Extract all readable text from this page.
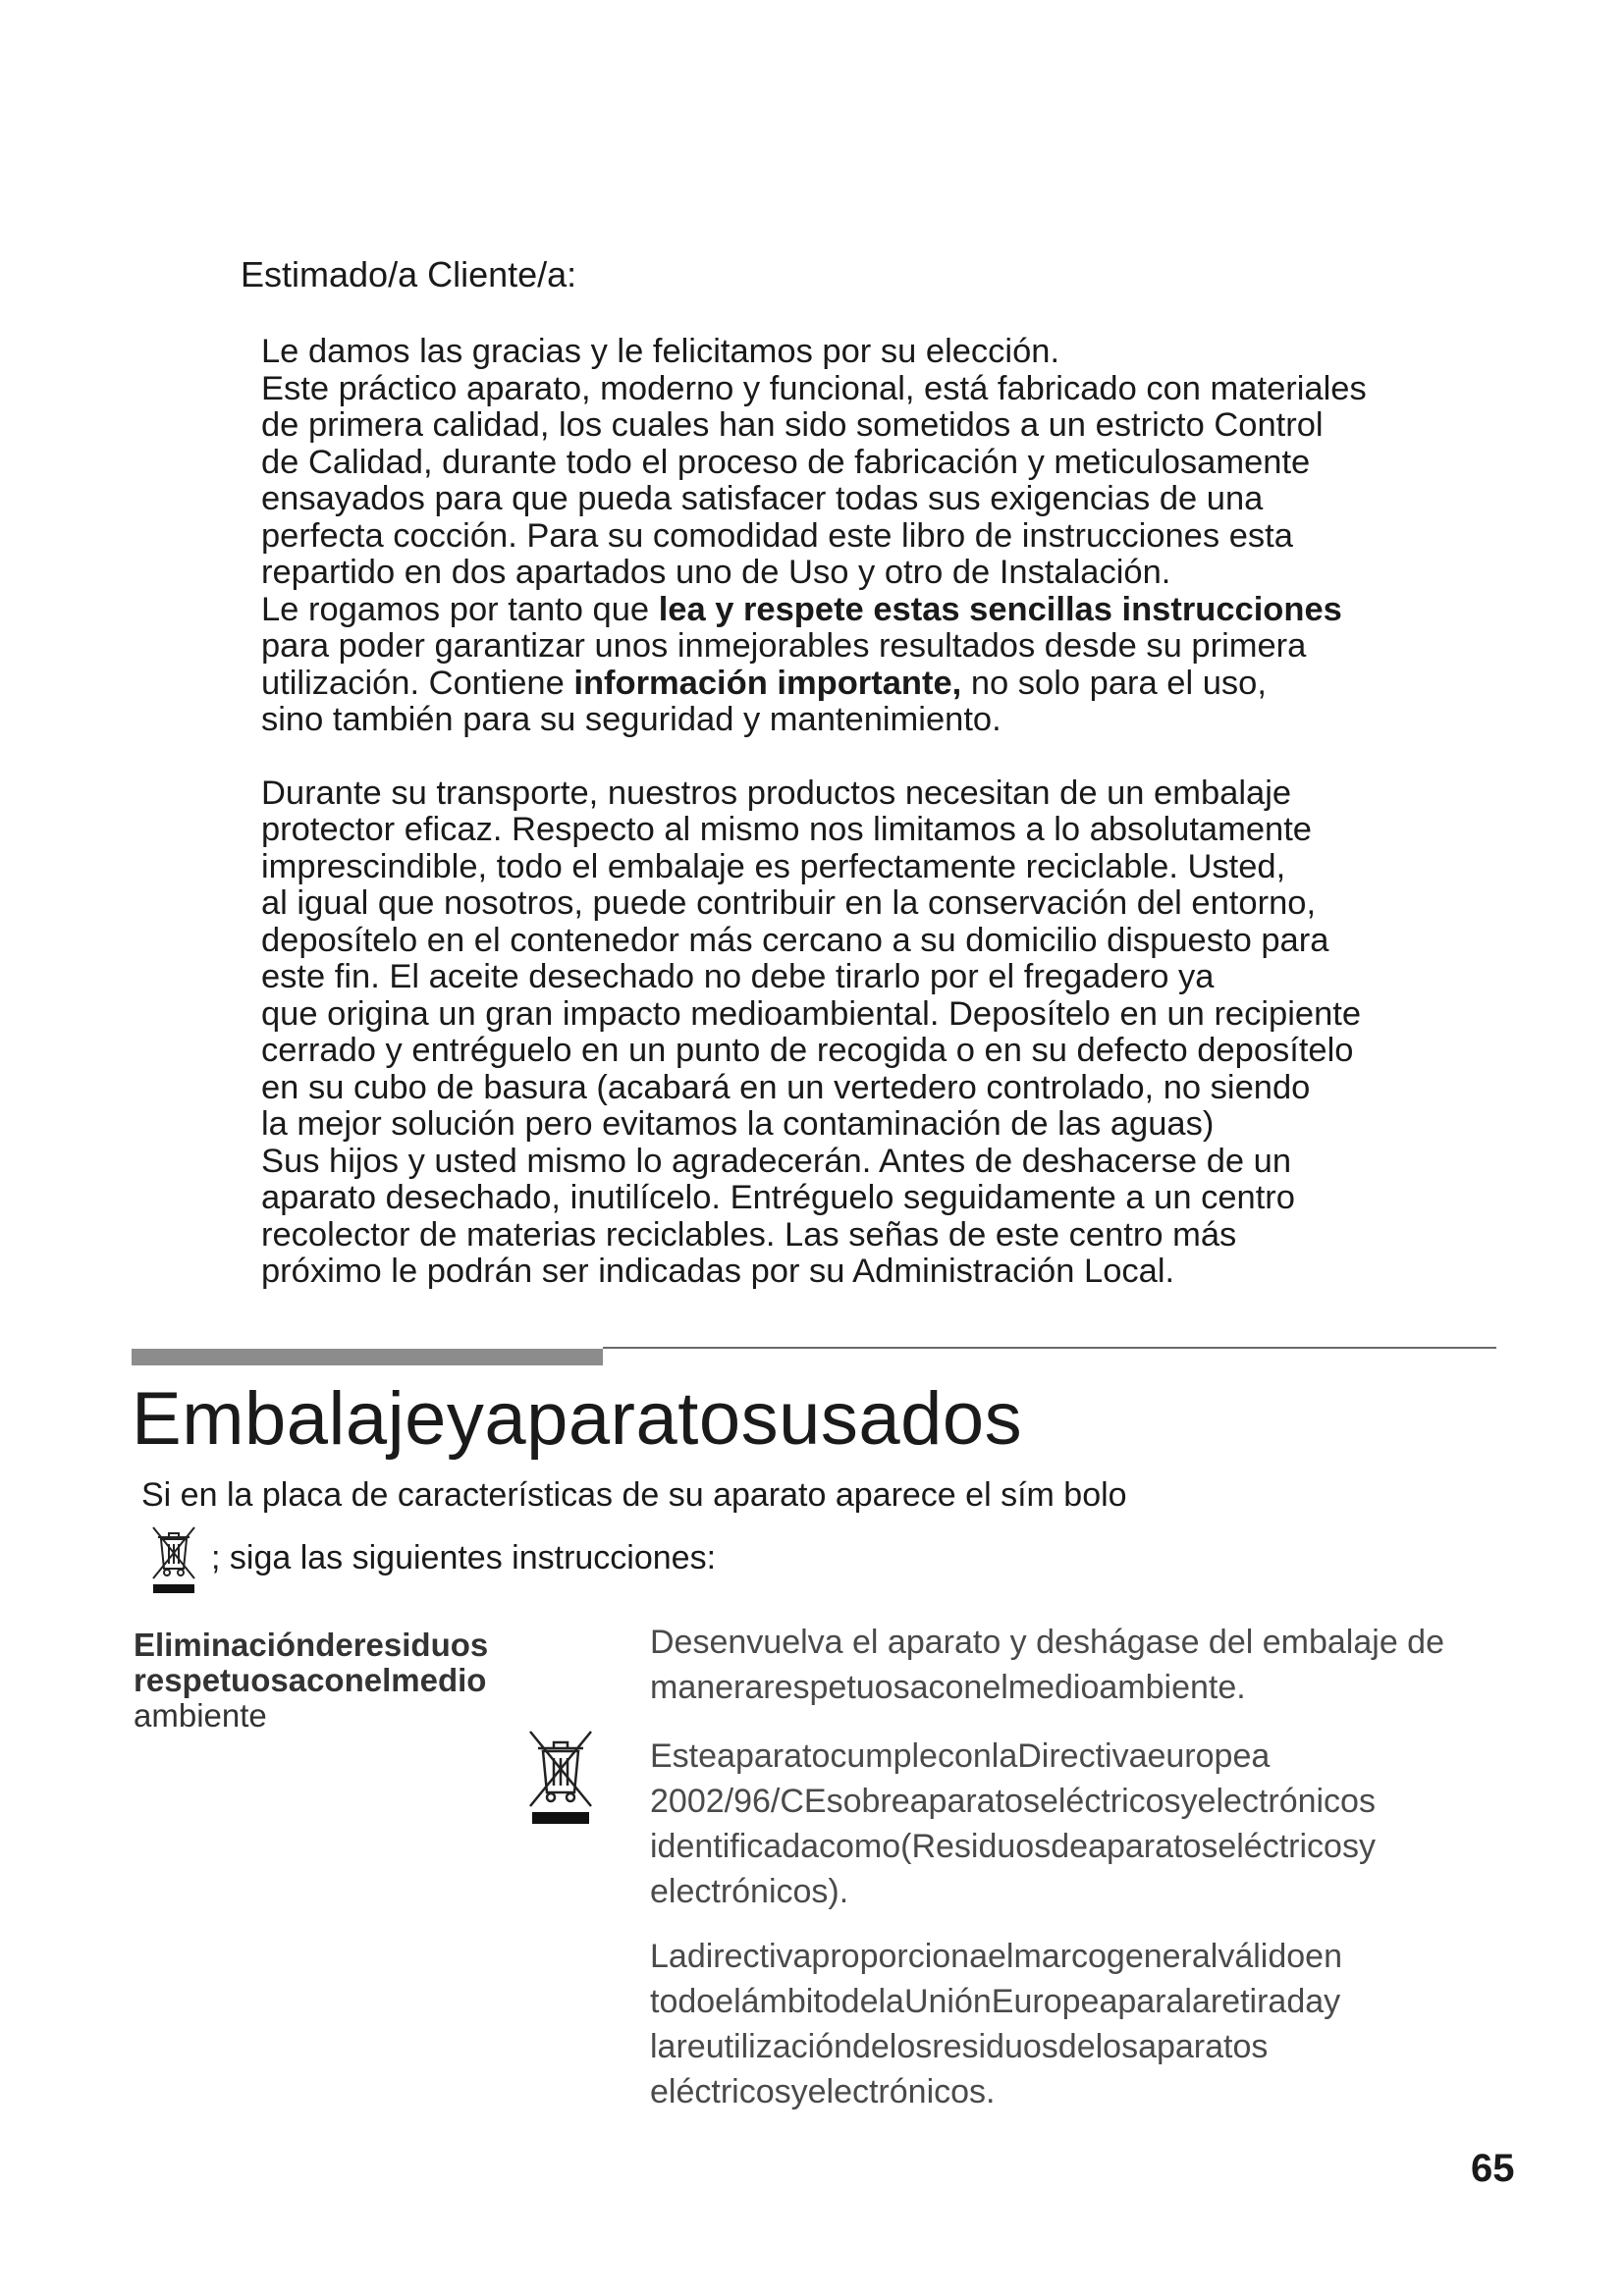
Estimado/a Cliente/a:

Le damos las gracias y le felicitamos por su elección.
Este práctico aparato, moderno y funcional, está fabricado con materiales
de primera calidad, los cuales han sido sometidos a un estricto Control
de Calidad, durante todo el proceso de fabricación y meticulosamente
ensayados para que pueda satisfacer todas sus exigencias de una
perfecta cocción. Para su comodidad este libro de instrucciones esta
repartido en dos apartados uno de Uso y otro de Instalación.
Le rogamos por tanto que lea y respete estas sencillas instrucciones
para poder garantizar unos inmejorables resultados desde su primera
utilización. Contiene información importante, no solo para el uso,
sino también para su seguridad y mantenimiento.

Durante su transporte, nuestros productos necesitan de un embalaje
protector eficaz. Respecto al mismo nos limitamos a lo absolutamente
imprescindible, todo el embalaje es perfectamente reciclable. Usted,
al igual que nosotros, puede contribuir en la conservación del entorno,
deposítelo en el contenedor más cercano a su domicilio dispuesto para
este fin. El aceite desechado no debe tirarlo por el fregadero ya
que origina un gran impacto medioambiental. Deposítelo en un recipiente
cerrado y entréguelo en un punto de recogida o en su defecto deposítelo
en su cubo de basura (acabará en un vertedero controlado, no siendo
la mejor solución pero evitamos la contaminación de las aguas)
Sus hijos y usted mismo lo agradecerán. Antes de deshacerse de un
aparato desechado, inutilícelo. Entréguelo seguidamente a un centro
recolector de materias reciclables. Las señas de este centro más
próximo le podrán ser indicadas por su Administración Local.

Embalajeyaparatosusados
Si en la placa de características de su aparato aparece el sím bolo
; siga las siguientes instrucciones:
Eliminaciónderesiduos
respetuosaconelmedio
ambiente
Desenvuelva el aparato y deshágase del embalaje de
manerarespetuosaconelmedioambiente.
EsteaparatocumpleconlaDirectivaeuropea
2002/96/CEsobreaparatoseléctricosyelectrónicos
identificadacomo(Residuosdeaparatoseléctricosy
electrónicos).
Ladirectivaproporcionaelmarcogeneralválidoen
todoelámbitodelaUniónEuropeaparalaretiraday
lareutilizacióndelosresiduosdelosaparatos
eléctricosyelectrónicos.
65
